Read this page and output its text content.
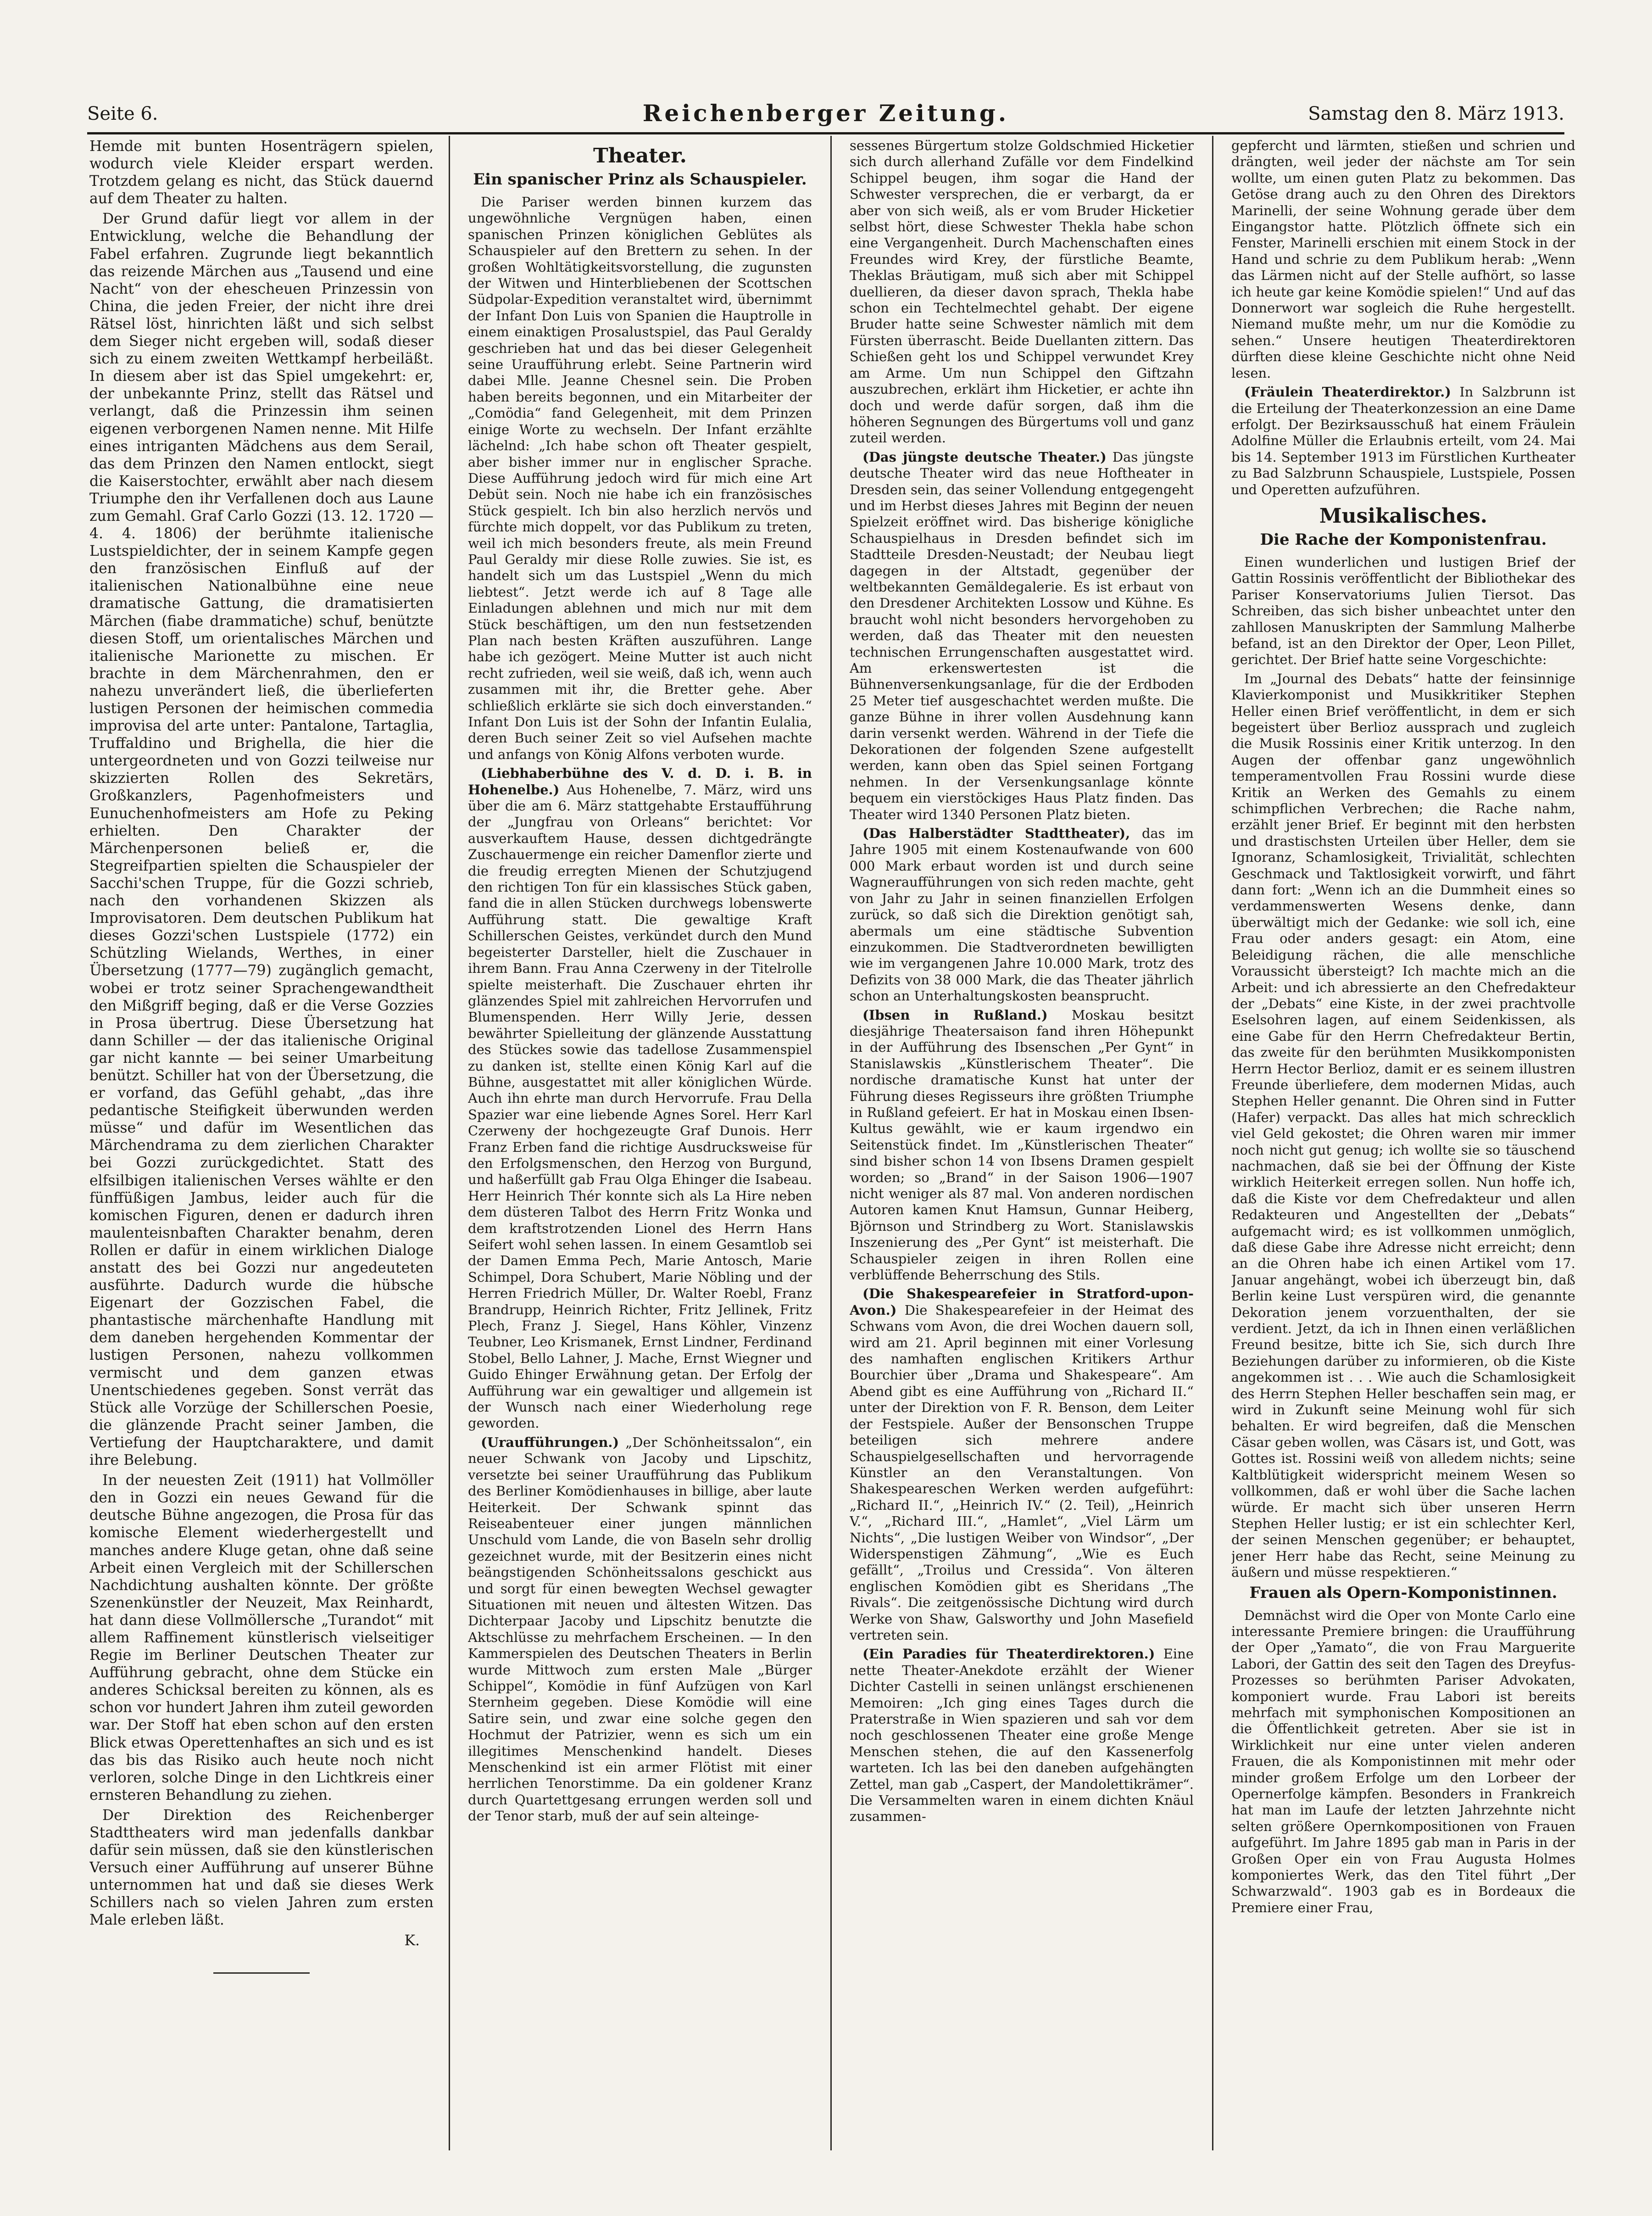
Seite 6.	Reichenberger Zeitung.	Samstag den 8. März 1913.

Hemde mit bunten Hosenträgern spielen, wodurch viele Kleider erspart werden. Trotzdem gelang es nicht, das Stück dauernd auf dem Theater zu halten.

Der Grund dafür liegt vor allem in der Entwicklung, welche die Behandlung der Fabel erfahren. Zugrunde liegt bekanntlich das reizende Märchen aus „Tausend und eine Nacht“ von der ehescheuen Prinzessin von China, die jeden Freier, der nicht ihre drei Rätsel löst, hinrichten läßt und sich selbst dem Sieger nicht ergeben will, sodaß dieser sich zu einem zweiten Wettkampf herbeiläßt. In diesem aber ist das Spiel umgekehrt: er, der unbekannte Prinz, stellt das Rätsel und verlangt, daß die Prinzessin ihm seinen eigenen verborgenen Namen nenne. Mit Hilfe eines intriganten Mädchens aus dem Serail, das dem Prinzen den Namen entlockt, siegt die Kaiserstochter, erwählt aber nach diesem Triumphe den ihr Verfallenen doch aus Laune zum Gemahl. Graf Carlo Gozzi (13. 12. 1720 — 4. 4. 1806) der berühmte italienische Lustspieldichter, der in seinem Kampfe gegen den französischen Einfluß auf der italienischen Nationalbühne eine neue dramatische Gattung, die dramatisierten Märchen (fiabe drammatiche) schuf, benützte diesen Stoff, um orientalisches Märchen und italienische Marionette zu mischen. Er brachte in dem Märchenrahmen, den er nahezu unverändert ließ, die überlieferten lustigen Personen der heimischen commedia improvisa del arte unter: Pantalone, Tartaglia, Truffaldino und Brighella, die hier die untergeordneten und von Gozzi teilweise nur skizzierten Rollen des Sekretärs, Großkanzlers, Pagenhofmeisters und Eunuchenhofmeisters am Hofe zu Peking erhielten. Den Charakter der Märchenpersonen beließ er, die Stegreifpartien spielten die Schauspieler der Sacchi'schen Truppe, für die Gozzi schrieb, nach den vorhandenen Skizzen als Improvisatoren. Dem deutschen Publikum hat dieses Gozzi'schen Lustspiele (1772) ein Schützling Wielands, Werthes, in einer Übersetzung (1777—79) zugänglich gemacht, wobei er trotz seiner Sprachengewandtheit den Mißgriff beging, daß er die Verse Gozzies in Prosa übertrug. Diese Übersetzung hat dann Schiller — der das italienische Original gar nicht kannte — bei seiner Umarbeitung benützt. Schiller hat von der Übersetzung, die er vorfand, das Gefühl gehabt, „das ihre pedantische Steifigkeit überwunden werden müsse“ und dafür im Wesentlichen das Märchendrama zu dem zierlichen Charakter bei Gozzi zurückgedichtet. Statt des elfsilbigen italienischen Verses wählte er den fünffüßigen Jambus, leider auch für die komischen Figuren, denen er dadurch ihren maulenteisnbaften Charakter benahm, deren Rollen er dafür in einem wirklichen Dialoge anstatt des bei Gozzi nur angedeuteten ausführte. Dadurch wurde die hübsche Eigenart der Gozzischen Fabel, die phantastische märchenhafte Handlung mit dem daneben hergehenden Kommentar der lustigen Personen, nahezu vollkommen vermischt und dem ganzen etwas Unentschiedenes gegeben. Sonst verrät das Stück alle Vorzüge der Schillerschen Poesie, die glänzende Pracht seiner Jamben, die Vertiefung der Hauptcharaktere, und damit ihre Belebung.

In der neuesten Zeit (1911) hat Vollmöller den in Gozzi ein neues Gewand für die deutsche Bühne angezogen, die Prosa für das komische Element wiederhergestellt und manches andere Kluge getan, ohne daß seine Arbeit einen Vergleich mit der Schillerschen Nachdichtung aushalten könnte. Der größte Szenenkünstler der Neuzeit, Max Reinhardt, hat dann diese Vollmöllersche „Turandot“ mit allem Raffinement künstlerisch vielseitiger Regie im Berliner Deutschen Theater zur Aufführung gebracht, ohne dem Stücke ein anderes Schicksal bereiten zu können, als es schon vor hundert Jahren ihm zuteil geworden war. Der Stoff hat eben schon auf den ersten Blick etwas Operettenhaftes an sich und es ist das bis das Risiko auch heute noch nicht verloren, solche Dinge in den Lichtkreis einer ernsteren Behandlung zu ziehen.

Der Direktion des Reichenberger Stadttheaters wird man jedenfalls dankbar dafür sein müssen, daß sie den künstlerischen Versuch einer Aufführung auf unserer Bühne unternommen hat und daß sie dieses Werk Schillers nach so vielen Jahren zum ersten Male erleben läßt.

K.
Theater.
Ein spanischer Prinz als Schauspieler.

Die Pariser werden binnen kurzem das ungewöhnliche Vergnügen haben, einen spanischen Prinzen königlichen Geblütes als Schauspieler auf den Brettern zu sehen. In der großen Wohltätigkeitsvorstellung, die zugunsten der Witwen und Hinterbliebenen der Scottschen Südpolar-Expedition veranstaltet wird, übernimmt der Infant Don Luis von Spanien die Hauptrolle in einem einaktigen Prosalustspiel, das Paul Geraldy geschrieben hat und das bei dieser Gelegenheit seine Uraufführung erlebt. Seine Partnerin wird dabei Mlle. Jeanne Chesnel sein. Die Proben haben bereits begonnen, und ein Mitarbeiter der „Comödia“ fand Gelegenheit, mit dem Prinzen einige Worte zu wechseln. Der Infant erzählte lächelnd: „Ich habe schon oft Theater gespielt, aber bisher immer nur in englischer Sprache. Diese Aufführung jedoch wird für mich eine Art Debüt sein. Noch nie habe ich ein französisches Stück gespielt. Ich bin also herzlich nervös und fürchte mich doppelt, vor das Publikum zu treten, weil ich mich besonders freute, als mein Freund Paul Geraldy mir diese Rolle zuwies. Sie ist, es handelt sich um das Lustspiel „Wenn du mich liebtest“. Jetzt werde ich auf 8 Tage alle Einladungen ablehnen und mich nur mit dem Stück beschäftigen, um den nun festsetzenden Plan nach besten Kräften auszuführen. Lange habe ich gezögert. Meine Mutter ist auch nicht recht zufrieden, weil sie weiß, daß ich, wenn auch zusammen mit ihr, die Bretter gehe. Aber schließlich erklärte sie sich doch einverstanden.“ Infant Don Luis ist der Sohn der Infantin Eulalia, deren Buch seiner Zeit so viel Aufsehen machte und anfangs von König Alfons verboten wurde.

(Liebhaberbühne des V. d. D. i. B. in Hohenelbe.) Aus Hohenelbe, 7. März, wird uns über die am 6. März stattgehabte Erstaufführung der „Jungfrau von Orleans“ berichtet: Vor ausverkauftem Hause, dessen dichtgedrängte Zuschauermenge ein reicher Damenflor zierte und die freudig erregten Mienen der Schutzjugend den richtigen Ton für ein klassisches Stück gaben, fand die in allen Stücken durchwegs lobenswerte Aufführung statt. Die gewaltige Kraft Schillerschen Geistes, verkündet durch den Mund begeisterter Darsteller, hielt die Zuschauer in ihrem Bann. Frau Anna Czerweny in der Titelrolle spielte meisterhaft. Die Zuschauer ehrten ihr glänzendes Spiel mit zahlreichen Hervorrufen und Blumenspenden. Herr Willy Jerie, dessen bewährter Spielleitung der glänzende Ausstattung des Stückes sowie das tadellose Zusammenspiel zu danken ist, stellte einen König Karl auf die Bühne, ausgestattet mit aller königlichen Würde. Auch ihn ehrte man durch Hervorrufe. Frau Della Spazier war eine liebende Agnes Sorel. Herr Karl Czerweny der hochgezeugte Graf Dunois. Herr Franz Erben fand die richtige Ausdrucksweise für den Erfolgsmenschen, den Herzog von Burgund, und haßerfüllt gab Frau Olga Ehinger die Isabeau. Herr Heinrich Thér konnte sich als La Hire neben dem düsteren Talbot des Herrn Fritz Wonka und dem kraftstrotzenden Lionel des Herrn Hans Seifert wohl sehen lassen. In einem Gesamtlob sei der Damen Emma Pech, Marie Antosch, Marie Schimpel, Dora Schubert, Marie Nöbling und der Herren Friedrich Müller, Dr. Walter Roebl, Franz Brandrupp, Heinrich Richter, Fritz Jellinek, Fritz Plech, Franz J. Siegel, Hans Köhler, Vinzenz Teubner, Leo Krismanek, Ernst Lindner, Ferdinand Stobel, Bello Lahner, J. Mache, Ernst Wiegner und Guido Ehinger Erwähnung getan. Der Erfolg der Aufführung war ein gewaltiger und allgemein ist der Wunsch nach einer Wiederholung rege geworden.

(Uraufführungen.) „Der Schönheitssalon“, ein neuer Schwank von Jacoby und Lipschitz, versetzte bei seiner Uraufführung das Publikum des Berliner Komödienhauses in billige, aber laute Heiterkeit. Der Schwank spinnt das Reiseabenteuer einer jungen männlichen Unschuld vom Lande, die von Baseln sehr drollig gezeichnet wurde, mit der Besitzerin eines nicht beängstigenden Schönheitssalons geschickt aus und sorgt für einen bewegten Wechsel gewagter Situationen mit neuen und ältesten Witzen. Das Dichterpaar Jacoby und Lipschitz benutzte die Aktschlüsse zu mehrfachem Erscheinen. — In den Kammerspielen des Deutschen Theaters in Berlin wurde Mittwoch zum ersten Male „Bürger Schippel“, Komödie in fünf Aufzügen von Karl Sternheim gegeben. Diese Komödie will eine Satire sein, und zwar eine solche gegen den Hochmut der Patrizier, wenn es sich um ein illegitimes Menschenkind handelt. Dieses Menschenkind ist ein armer Flötist mit einer herrlichen Tenorstimme. Da ein goldener Kranz durch Quartettgesang errungen werden soll und der Tenor starb, muß der auf sein alteinge-

sessenes Bürgertum stolze Goldschmied Hicketier sich durch allerhand Zufälle vor dem Findelkind Schippel beugen, ihm sogar die Hand der Schwester versprechen, die er verbargt, da er aber von sich weiß, als er vom Bruder Hicketier selbst hört, diese Schwester Thekla habe schon eine Vergangenheit. Durch Machenschaften eines Freundes wird Krey, der fürstliche Beamte, Theklas Bräutigam, muß sich aber mit Schippel duellieren, da dieser davon sprach, Thekla habe schon ein Techtelmechtel gehabt. Der eigene Bruder hatte seine Schwester nämlich mit dem Fürsten überrascht. Beide Duellanten zittern. Das Schießen geht los und Schippel verwundet Krey am Arme. Um nun Schippel den Giftzahn auszubrechen, erklärt ihm Hicketier, er achte ihn doch und werde dafür sorgen, daß ihm die höheren Segnungen des Bürgertums voll und ganz zuteil werden.

(Das jüngste deutsche Theater.) Das jüngste deutsche Theater wird das neue Hoftheater in Dresden sein, das seiner Vollendung entgegengeht und im Herbst dieses Jahres mit Beginn der neuen Spielzeit eröffnet wird. Das bisherige königliche Schauspielhaus in Dresden befindet sich im Stadtteile Dresden-Neustadt; der Neubau liegt dagegen in der Altstadt, gegenüber der weltbekannten Gemäldegalerie. Es ist erbaut von den Dresdener Architekten Lossow und Kühne. Es braucht wohl nicht besonders hervorgehoben zu werden, daß das Theater mit den neuesten technischen Errungenschaften ausgestattet wird. Am erkenswertesten ist die Bühnenversenkungsanlage, für die der Erdboden 25 Meter tief ausgeschachtet werden mußte. Die ganze Bühne in ihrer vollen Ausdehnung kann darin versenkt werden. Während in der Tiefe die Dekorationen der folgenden Szene aufgestellt werden, kann oben das Spiel seinen Fortgang nehmen. In der Versenkungsanlage könnte bequem ein vierstöckiges Haus Platz finden. Das Theater wird 1340 Personen Platz bieten.

(Das Halberstädter Stadttheater), das im Jahre 1905 mit einem Kostenaufwande von 600 000 Mark erbaut worden ist und durch seine Wagneraufführungen von sich reden machte, geht von Jahr zu Jahr in seinen finanziellen Erfolgen zurück, so daß sich die Direktion genötigt sah, abermals um eine städtische Subvention einzukommen. Die Stadtverordneten bewilligten wie im vergangenen Jahre 10.000 Mark, trotz des Defizits von 38 000 Mark, die das Theater jährlich schon an Unterhaltungskosten beansprucht.

(Ibsen in Rußland.) Moskau besitzt diesjährige Theatersaison fand ihren Höhepunkt in der Aufführung des Ibsenschen „Per Gynt“ in Stanislawskis „Künstlerischem Theater“. Die nordische dramatische Kunst hat unter der Führung dieses Regisseurs ihre größten Triumphe in Rußland gefeiert. Er hat in Moskau einen Ibsen-Kultus gewählt, wie er kaum irgendwo ein Seitenstück findet. Im „Künstlerischen Theater“ sind bisher schon 14 von Ibsens Dramen gespielt worden; so „Brand“ in der Saison 1906—1907 nicht weniger als 87 mal. Von anderen nordischen Autoren kamen Knut Hamsun, Gunnar Heiberg, Björnson und Strindberg zu Wort. Stanislawskis Inszenierung des „Per Gynt“ ist meisterhaft. Die Schauspieler zeigen in ihren Rollen eine verblüffende Beherrschung des Stils.

(Die Shakespearefeier in Stratford-upon-Avon.) Die Shakespearefeier in der Heimat des Schwans vom Avon, die drei Wochen dauern soll, wird am 21. April beginnen mit einer Vorlesung des namhaften englischen Kritikers Arthur Bourchier über „Drama und Shakespeare“. Am Abend gibt es eine Aufführung von „Richard II.“ unter der Direktion von F. R. Benson, dem Leiter der Festspiele. Außer der Bensonschen Truppe beteiligen sich mehrere andere Schauspielgesellschaften und hervorragende Künstler an den Veranstaltungen. Von Shakespeareschen Werken werden aufgeführt: „Richard II.“, „Heinrich IV.“ (2. Teil), „Heinrich V.“, „Richard III.“, „Hamlet“, „Viel Lärm um Nichts“, „Die lustigen Weiber von Windsor“, „Der Widerspenstigen Zähmung“, „Wie es Euch gefällt“, „Troilus und Cressida“. Von älteren englischen Komödien gibt es Sheridans „The Rivals“. Die zeitgenössische Dichtung wird durch Werke von Shaw, Galsworthy und John Masefield vertreten sein.

(Ein Paradies für Theaterdirektoren.) Eine nette Theater-Anekdote erzählt der Wiener Dichter Castelli in seinen unlängst erschienenen Memoiren: „Ich ging eines Tages durch die Praterstraße in Wien spazieren und sah vor dem noch geschlossenen Theater eine große Menge Menschen stehen, die auf den Kassenerfolg warteten. Ich las bei den daneben aufgehängten Zettel, man gab „Caspert, der Mandolettikrämer“. Die Versammelten waren in einem dichten Knäul zusammen-

gepfercht und lärmten, stießen und schrien und drängten, weil jeder der nächste am Tor sein wollte, um einen guten Platz zu bekommen. Das Getöse drang auch zu den Ohren des Direktors Marinelli, der seine Wohnung gerade über dem Eingangstor hatte. Plötzlich öffnete sich ein Fenster, Marinelli erschien mit einem Stock in der Hand und schrie zu dem Publikum herab: „Wenn das Lärmen nicht auf der Stelle aufhört, so lasse ich heute gar keine Komödie spielen!“ Und auf das Donnerwort war sogleich die Ruhe hergestellt. Niemand mußte mehr, um nur die Komödie zu sehen.“ Unsere heutigen Theaterdirektoren dürften diese kleine Geschichte nicht ohne Neid lesen.

(Fräulein Theaterdirektor.) In Salzbrunn ist die Erteilung der Theaterkonzession an eine Dame erfolgt. Der Bezirksausschuß hat einem Fräulein Adolfine Müller die Erlaubnis erteilt, vom 24. Mai bis 14. September 1913 im Fürstlichen Kurtheater zu Bad Salzbrunn Schauspiele, Lustspiele, Possen und Operetten aufzuführen.

Musikalisches.
Die Rache der Komponistenfrau.

Einen wunderlichen und lustigen Brief der Gattin Rossinis veröffentlicht der Bibliothekar des Pariser Konservatoriums Julien Tiersot. Das Schreiben, das sich bisher unbeachtet unter den zahllosen Manuskripten der Sammlung Malherbe befand, ist an den Direktor der Oper, Leon Pillet, gerichtet. Der Brief hatte seine Vorgeschichte:

Im „Journal des Debats“ hatte der feinsinnige Klavierkomponist und Musikkritiker Stephen Heller einen Brief veröffentlicht, in dem er sich begeistert über Berlioz aussprach und zugleich die Musik Rossinis einer Kritik unterzog. In den Augen der offenbar ganz ungewöhnlich temperamentvollen Frau Rossini wurde diese Kritik an Werken des Gemahls zu einem schimpflichen Verbrechen; die Rache nahm, erzählt jener Brief. Er beginnt mit den herbsten und drastischsten Urteilen über Heller, dem sie Ignoranz, Schamlosigkeit, Trivialität, schlechten Geschmack und Taktlosigkeit vorwirft, und fährt dann fort: „Wenn ich an die Dummheit eines so verdammenswerten Wesens denke, dann überwältigt mich der Gedanke: wie soll ich, eine Frau oder anders gesagt: ein Atom, eine Beleidigung rächen, die alle menschliche Voraussicht übersteigt? Ich machte mich an die Arbeit: und ich abressierte an den Chefredakteur der „Debats“ eine Kiste, in der zwei prachtvolle Eselsohren lagen, auf einem Seidenkissen, als eine Gabe für den Herrn Chefredakteur Bertin, das zweite für den berühmten Musikkomponisten Herrn Hector Berlioz, damit er es seinem illustren Freunde überliefere, dem modernen Midas, auch Stephen Heller genannt. Die Ohren sind in Futter (Hafer) verpackt. Das alles hat mich schrecklich viel Geld gekostet; die Ohren waren mir immer noch nicht gut genug; ich wollte sie so täuschend nachmachen, daß sie bei der Öffnung der Kiste wirklich Heiterkeit erregen sollen. Nun hoffe ich, daß die Kiste vor dem Chefredakteur und allen Redakteuren und Angestellten der „Debats“ aufgemacht wird; es ist vollkommen unmöglich, daß diese Gabe ihre Adresse nicht erreicht; denn an die Ohren habe ich einen Artikel vom 17. Januar angehängt, wobei ich überzeugt bin, daß Berlin keine Lust verspüren wird, die genannte Dekoration jenem vorzuenthalten, der sie verdient. Jetzt, da ich in Ihnen einen verläßlichen Freund besitze, bitte ich Sie, sich durch Ihre Beziehungen darüber zu informieren, ob die Kiste angekommen ist . . . Wie auch die Schamlosigkeit des Herrn Stephen Heller beschaffen sein mag, er wird in Zukunft seine Meinung wohl für sich behalten. Er wird begreifen, daß die Menschen Cäsar geben wollen, was Cäsars ist, und Gott, was Gottes ist. Rossini weiß von alledem nichts; seine Kaltblütigkeit widerspricht meinem Wesen so vollkommen, daß er wohl über die Sache lachen würde. Er macht sich über unseren Herrn Stephen Heller lustig; er ist ein schlechter Kerl, der seinen Menschen gegenüber; er behauptet, jener Herr habe das Recht, seine Meinung zu äußern und müsse respektieren.“

Frauen als Opern-Komponistinnen.

Demnächst wird die Oper von Monte Carlo eine interessante Premiere bringen: die Uraufführung der Oper „Yamato“, die von Frau Marguerite Labori, der Gattin des seit den Tagen des Dreyfus-Prozesses so berühmten Pariser Advokaten, komponiert wurde. Frau Labori ist bereits mehrfach mit symphonischen Kompositionen an die Öffentlichkeit getreten. Aber sie ist in Wirklichkeit nur eine unter vielen anderen Frauen, die als Komponistinnen mit mehr oder minder großem Erfolge um den Lorbeer der Opernerfolge kämpfen. Besonders in Frankreich hat man im Laufe der letzten Jahrzehnte nicht selten größere Opernkompositionen von Frauen aufgeführt. Im Jahre 1895 gab man in Paris in der Großen Oper ein von Frau Augusta Holmes komponiertes Werk, das den Titel führt „Der Schwarzwald“. 1903 gab es in Bordeaux die Premiere einer Frau,
